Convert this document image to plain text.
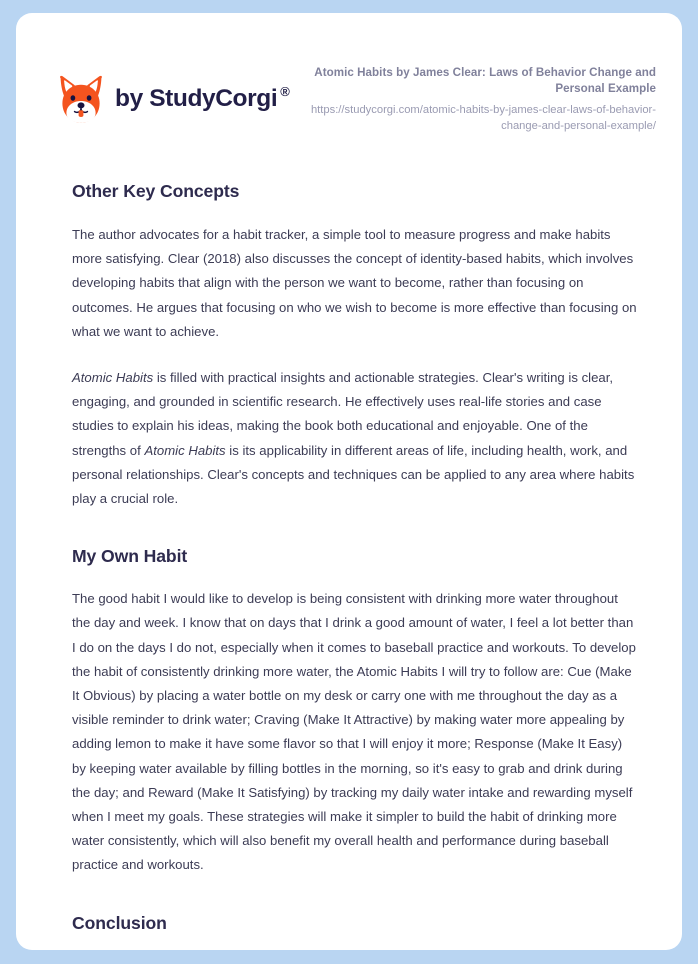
by StudyCorgi ®
Atomic Habits by James Clear: Laws of Behavior Change and Personal Example
https://studycorgi.com/atomic-habits-by-james-clear-laws-of-behavior-change-and-personal-example/
Other Key Concepts

The author advocates for a habit tracker, a simple tool to measure progress and make habits more satisfying. Clear (2018) also discusses the concept of identity-based habits, which involves developing habits that align with the person we want to become, rather than focusing on outcomes. He argues that focusing on who we wish to become is more effective than focusing on what we want to achieve.

Atomic Habits is filled with practical insights and actionable strategies. Clear's writing is clear, engaging, and grounded in scientific research. He effectively uses real-life stories and case studies to explain his ideas, making the book both educational and enjoyable. One of the strengths of Atomic Habits is its applicability in different areas of life, including health, work, and personal relationships. Clear's concepts and techniques can be applied to any area where habits play a crucial role.

My Own Habit

The good habit I would like to develop is being consistent with drinking more water throughout the day and week. I know that on days that I drink a good amount of water, I feel a lot better than I do on the days I do not, especially when it comes to baseball practice and workouts. To develop the habit of consistently drinking more water, the Atomic Habits I will try to follow are: Cue (Make It Obvious) by placing a water bottle on my desk or carry one with me throughout the day as a visible reminder to drink water; Craving (Make It Attractive) by making water more appealing by adding lemon to make it have some flavor so that I will enjoy it more; Response (Make It Easy) by keeping water available by filling bottles in the morning, so it's easy to grab and drink during the day; and Reward (Make It Satisfying) by tracking my daily water intake and rewarding myself when I meet my goals. These strategies will make it simpler to build the habit of drinking more water consistently, which will also benefit my overall health and performance during baseball practice and workouts.

Conclusion
